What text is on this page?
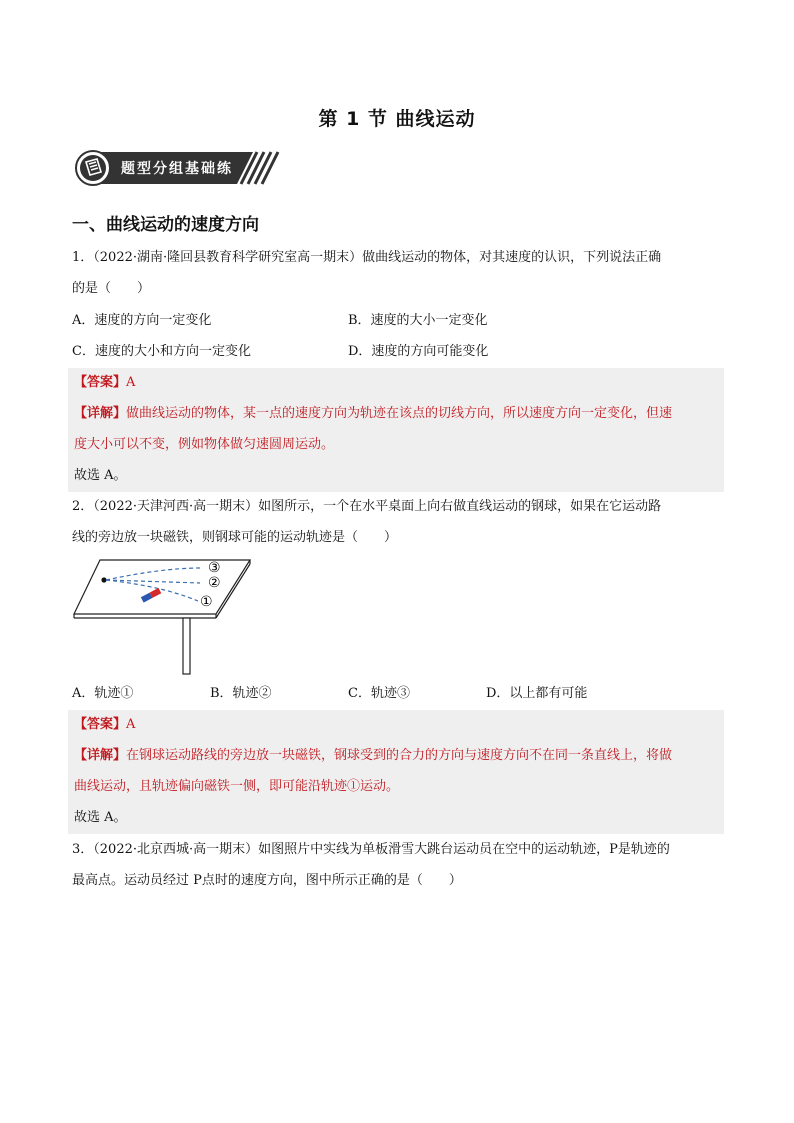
第 1 节 曲线运动
题型分组基础练
一、曲线运动的速度方向
1．（2022·湖南·隆回县教育科学研究室高一期末）做曲线运动的物体，对其速度的认识，下列说法正确
的是（　　）
A．速度的方向一定变化	B．速度的大小一定变化
C．速度的大小和方向一定变化	D．速度的方向可能变化
【答案】A
【详解】做曲线运动的物体，某一点的速度方向为轨迹在该点的切线方向，所以速度方向一定变化，但速
度大小可以不变，例如物体做匀速圆周运动。
故选 A。
2．（2022·天津河西·高一期末）如图所示，一个在水平桌面上向右做直线运动的钢球，如果在它运动路
线的旁边放一块磁铁，则钢球可能的运动轨迹是（　　）
③
②
①
A．轨迹①	B．轨迹②	C．轨迹③	D．以上都有可能
【答案】A
【详解】在钢球运动路线的旁边放一块磁铁，钢球受到的合力的方向与速度方向不在同一条直线上，将做
曲线运动，且轨迹偏向磁铁一侧，即可能沿轨迹①运动。
故选 A。
3．（2022·北京西城·高一期末）如图照片中实线为单板滑雪大跳台运动员在空中的运动轨迹，P是轨迹的
最高点。运动员经过 P点时的速度方向，图中所示正确的是（　　）
